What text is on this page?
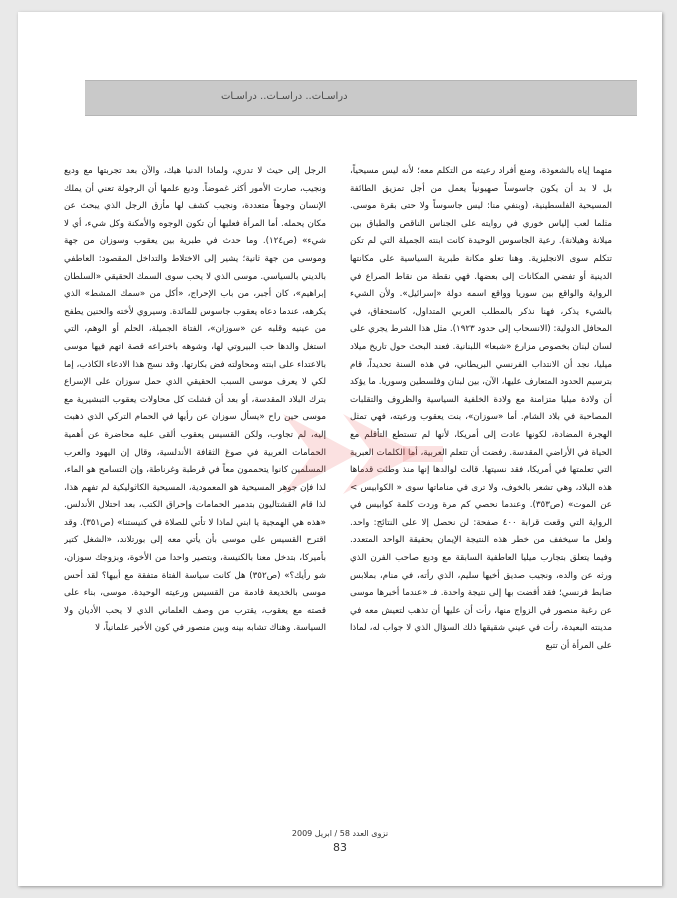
دراسـات.. دراسـات.. دراسـات

متهما إياه بالشعوذة، ومنع أفراد رعيته من التكلم معه؛ لأنه ليس مسيحياً، بل لا بد أن يكون جاسوساً صهيونياً يعمل من أجل تمزيق الطائفة المسيحية الفلسطينية، (وبنفي منا: ليس جاسوساً ولا حتى بقرة موسى. مثلما لعب إلياس خوري في روايته على الجناس الناقص والطباق بين ميلانة وهيلانة). رعية الجاسوس الوحيدة كانت ابنته الجميلة التي لم تكن تتكلم سوى الانجليزية. وهنا تعلو مكانة طبرية السياسية على مكانتها الدينية أو تفضي المكانات إلى بعضها. فهي نقطة من نقاط الصراع في الرواية والواقع بين سوريا وواقع اسمه دولة «إسرائيل». ولأن الشيء بالشيء يذكر، فهنا نذكر بالمطلب العربي المتداول، كاستحقاق، في المحافل الدولية: (الانسحاب إلى حدود ١٩٢٣). مثل هذا الشرط يجري على لسان لبنان بخصوص مزارع «شبعا» اللبنانية. فعند البحث حول تاريخ ميلاد ميليا، نجد أن الانتداب الفرنسي البريطاني، في هذه السنة تحديداً، قام بترسيم الحدود المتعارف عليها، الآن، بين لبنان وفلسطين وسوريا. ما يؤكد أن ولادة ميليا متزامنة مع ولادة الخلفية السياسية والظروف والتقلبات المصاحبة في بلاد الشام. أما «سوزان»، بنت يعقوب ورعيته، فهي تمثل الهجرة المضادة، لكونها عادت إلى أمريكا، لأنها لم تستطع التأقلم مع الحياة في الأراضي المقدسة. رفضت أن تتعلم العربية، أما الكلمات العبرية التي تعلمتها في أمريكا، فقد نسيتها. قالت لوالدها إنها منذ وطئت قدماها هذه البلاد، وهي تشعر بالخوف، ولا ترى في مناماتها سوى « الكوابيس > عن الموت» (ص٣٥٣). وعندما نحصي كم مرة وردت كلمة كوابيس في الرواية التي وقعت قرابة ٤٠٠ صفحة: لن نحصل إلا على النتائج: واحد. ولعل ما سيخفف من خطر هذه النتيجة الإيمان بحقيقة الواحد المتعدد. وفيما يتعلق بتجارب ميليا العاطفية السابقة مع وديع صاحب الفرن الذي ورثه عن والده، ونجيب صديق أخيها سليم، الذي رأته، في منام، بملابس ضابط فرنسي؛ فقد أفضت بها إلى نتيجة واحدة. فـ «عندما أخبرها موسى عن رغبة منصور في الزواج منها، رأت أن عليها أن تذهب لتعيش معه في مدينته البعيدة، رأت في عيني شقيقها ذلك السؤال الذي لا جواب له، لماذا على المرأة أن تتبع

الرجل إلى حيث لا تدري، ولماذا الدنيا هيك، والآن بعد تجربتها مع وديع ونجيب، صارت الأمور أكثر غموضاً. وديع علمها أن الرجولة تعني أن يملك الإنسان وجوهاً متعددة، ونجيب كشف لها مأزق الرجل الذي يبحث عن مكان يحمله. أما المرأة فعليها أن تكون الوجوه والأمكنة وكل شيء، أي لا شيء» (ص١٢٤). وما حدث في طبرية بين يعقوب وسوزان من جهة وموسى من جهة ثانية؛ يشير إلى الاختلاط والتداخل المقصود: العاطفي بالديني بالسياسي. موسى الذي لا يحب سوى السمك الحقيقي «السلطان إبراهيم»، كان أجبر، من باب الإحراج، «أكل من «سمك المشط» الذي يكرهه، عندما دعاه يعقوب جاسوس للمائدة. وسيروي لأخته والحنين يطفح من عينيه وقلبه عن «سوزان»، الفتاة الجميلة، الحلم أو الوهم، التي استغل والدها حب البيروتي لها، وشوهه باختراعه قصة اتهم فيها موسى بالاعتداء على ابنته ومحاولته فض بكارتها. وقد نسج هذا الادعاء الكاذب، إما لكي لا يعرف موسى السبب الحقيقي الذي حمل سوزان على الإسراع بترك البلاد المقدسة، أو بعد أن فشلت كل محاولات يعقوب التبشيرية مع موسى حين راح «يسأل سوزان عن رأيها في الحمام التركي الذي ذهبت إليه، لم تجاوب، ولكن القسيس يعقوب ألقى عليه محاضرة عن أهمية الحمامات العربية في صوغ الثقافة الأندلسية، وقال إن اليهود والعرب المسلمين كانوا يتحممون معاً في قرطبة وغرناطة، وإن التسامح هو الماء، لذا فإن جوهر المسيحية هو المعمودية، المسيحية الكاثوليكية لم تفهم هذا، لذا قام القشتاليون بتدمير الحمامات وإحراق الكتب، بعد احتلال الأندلس. «هذه هي الهمجية يا ابني لماذا لا تأتي للصلاة في كنيستنا» (ص٣٥١). وقد اقترح القسيس على موسى بأن يأتي معه إلى بورتلاند، «الشغل كتير بأميركا، بتدخل معنا بالكنيسة، وبتصير واحدا من الأخوة، وبزوجك سوزان، شو رأيك؟» (ص٣٥٢) هل كانت سياسة الفتاة متفقة مع أبيها؟ لقد أحس موسى بالخديعة قادمة من القسيس ورعيته الوحيدة. موسى، بناء على قصته مع يعقوب، يقترب من وصف العلماني الذي لا يحب الأديان ولا السياسة. وهناك تشابه بينه وبين منصور في كون الأخير علمانياً، لا

نزوى العدد 58 / ابريل 2009
83
